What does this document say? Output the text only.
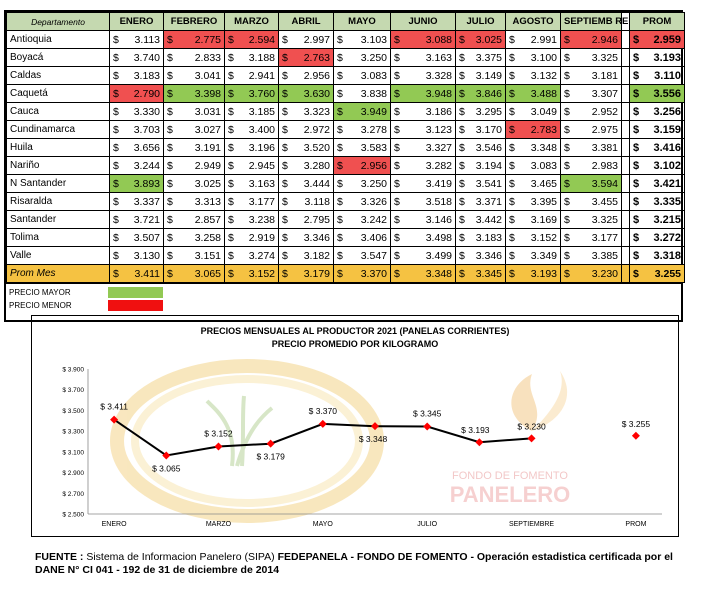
Departamento	ENERO	FEBRERO	MARZO	ABRIL	MAYO	JUNIO	JULIO	AGOSTO	SEPTIEMB RE		PROM
Antioquia	$ 3.113	$ 2.775	$ 2.594	$ 2.997	$ 3.103	$ 3.088	$ 3.025	$ 2.991	$ 2.946		$ 2.959

Boyacá	$ 3.740	$ 2.833	$ 3.188	$ 2.763	$ 3.250	$ 3.163	$ 3.375	$ 3.100	$ 3.325		$ 3.193

Caldas	$ 3.183	$ 3.041	$ 2.941	$ 2.956	$ 3.083	$ 3.328	$ 3.149	$ 3.132	$ 3.181		$ 3.110

Caquetá	$ 2.790	$ 3.398	$ 3.760	$ 3.630	$ 3.838	$ 3.948	$ 3.846	$ 3.488	$ 3.307		$ 3.556

Cauca	$ 3.330	$ 3.031	$ 3.185	$ 3.323	$ 3.949	$ 3.186	$ 3.295	$ 3.049	$ 2.952		$ 3.256

Cundinamarca	$ 3.703	$ 3.027	$ 3.400	$ 2.972	$ 3.278	$ 3.123	$ 3.170	$ 2.783	$ 2.975		$ 3.159

Huila	$ 3.656	$ 3.191	$ 3.196	$ 3.520	$ 3.583	$ 3.327	$ 3.546	$ 3.348	$ 3.381		$ 3.416

Nariño	$ 3.244	$ 2.949	$ 2.945	$ 3.280	$ 2.956	$ 3.282	$ 3.194	$ 3.083	$ 2.983		$ 3.102

N Santander	$ 3.893	$ 3.025	$ 3.163	$ 3.444	$ 3.250	$ 3.419	$ 3.541	$ 3.465	$ 3.594		$ 3.421

Risaralda	$ 3.337	$ 3.313	$ 3.177	$ 3.118	$ 3.326	$ 3.518	$ 3.371	$ 3.395	$ 3.455		$ 3.335

Santander	$ 3.721	$ 2.857	$ 3.238	$ 2.795	$ 3.242	$ 3.146	$ 3.442	$ 3.169	$ 3.325		$ 3.215

Tolima	$ 3.507	$ 3.258	$ 2.919	$ 3.346	$ 3.406	$ 3.498	$ 3.183	$ 3.152	$ 3.177		$ 3.272

Valle	$ 3.130	$ 3.151	$ 3.274	$ 3.182	$ 3.547	$ 3.499	$ 3.346	$ 3.349	$ 3.385		$ 3.318

Prom Mes	$ 3.411	$ 3.065	$ 3.152	$ 3.179	$ 3.370	$ 3.348	$ 3.345	$ 3.193	$ 3.230		$ 3.255
PRECIO MAYOR
PRECIO MENOR
FONDO DE FOMENTO
PANELERO
PRECIOS MENSUALES AL PRODUCTOR 2021 (PANELAS CORRIENTES)
PRECIO PROMEDIO POR KILOGRAMO
$ 2.500
$ 2.700
$ 2.900
$ 3.100
$ 3.300
$ 3.500
$ 3.700
$ 3.900
ENERO	MARZO	MAYO	JULIO	SEPTIEMBRE	PROM
$ 3.411
$ 3.065
$ 3.152
$ 3.179
$ 3.370
$ 3.348
$ 3.345
$ 3.193	$ 3.230	$ 3.255
FUENTE : Sistema de Informacion Panelero (SIPA) FEDEPANELA - FONDO DE FOMENTO - Operación estadistica certificada por el DANE N° CI 041 - 192 de 31 de diciembre de 2014
